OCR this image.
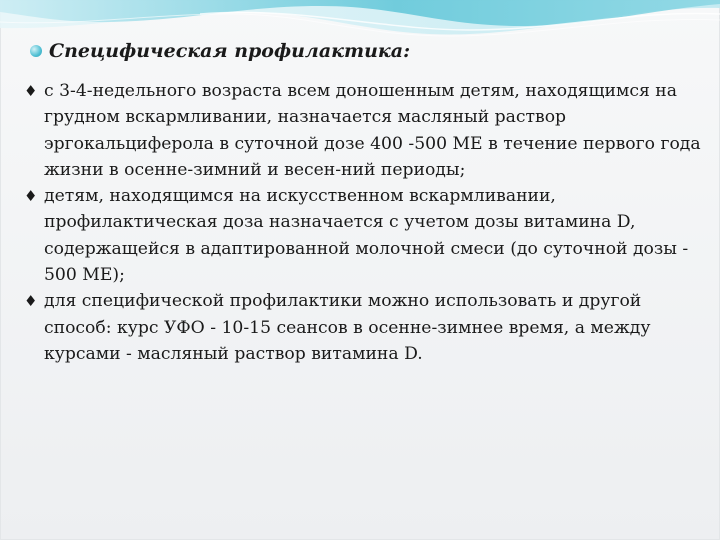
Специфическая профилактика:
♦ с 3-4-недельного возраста всем доношенным детям, находящимся на грудном вскармливании, назначается масляный раствор эргокальциферола в суточной дозе 400 -500 МЕ в течение первого года жизни в осенне-зимний и весен-ний периоды;
♦ детям, находящимся на искусственном вскармливании, профилактическая доза назначается с учетом дозы витамина D, содержащейся в адаптированной молочной смеси (до суточной дозы - 500 МЕ);
♦ для специфической профилактики можно использовать и другой способ: курс УФО - 10-15 сеансов в осенне-зимнее время, а между курсами - масляный раствор витамина D.
